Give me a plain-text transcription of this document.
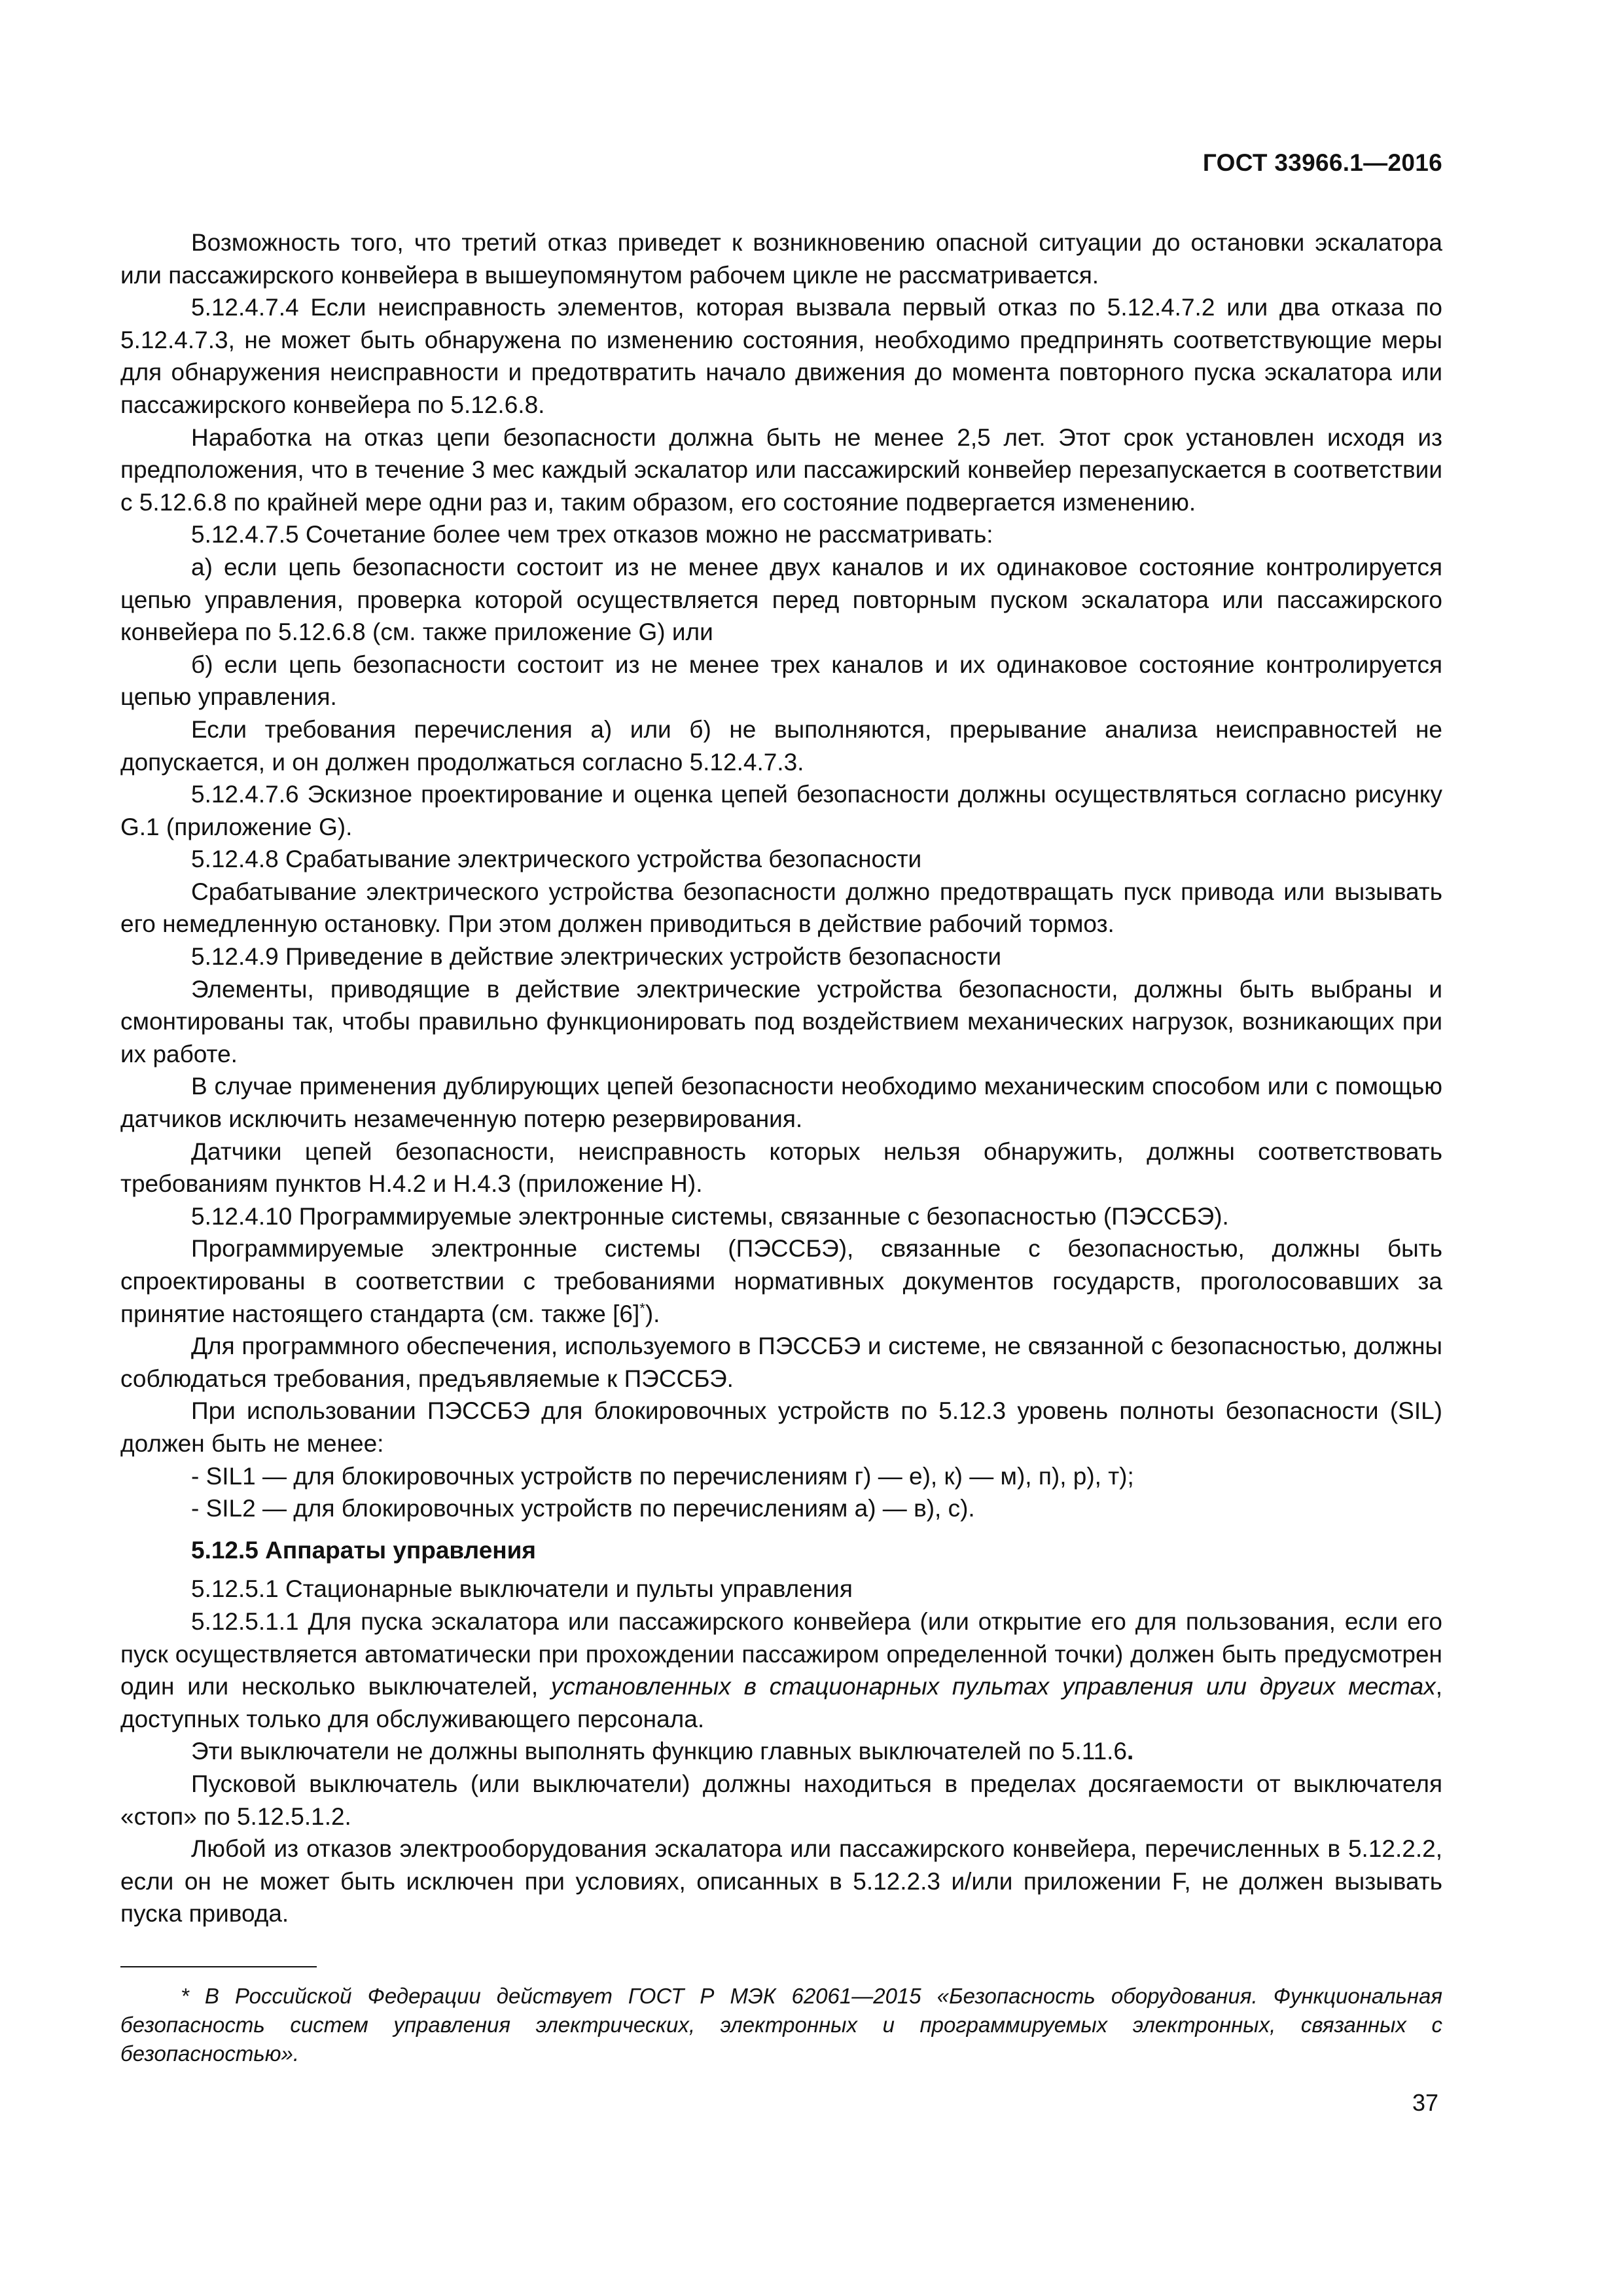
ГОСТ 33966.1—2016

Возможность того, что третий отказ приведет к возникновению опасной ситуации до остановки эскалатора или пассажирского конвейера в вышеупомянутом рабочем цикле не рассматривается.

5.12.4.7.4 Если неисправность элементов, которая вызвала первый отказ по 5.12.4.7.2 или два отказа по 5.12.4.7.3, не может быть обнаружена по изменению состояния, необходимо предпринять соответствующие меры для обнаружения неисправности и предотвратить начало движения до момента повторного пуска эскалатора или пассажирского конвейера по 5.12.6.8.

Наработка на отказ цепи безопасности должна быть не менее 2,5 лет. Этот срок установлен исходя из предположения, что в течение 3 мес каждый эскалатор или пассажирский конвейер перезапускается в соответствии с 5.12.6.8 по крайней мере одни раз и, таким образом, его состояние подвергается изменению.

5.12.4.7.5 Сочетание более чем трех отказов можно не рассматривать:

а) если цепь безопасности состоит из не менее двух каналов и их одинаковое состояние контролируется цепью управления, проверка которой осуществляется перед повторным пуском эскалатора или пассажирского конвейера по 5.12.6.8 (см. также приложение G) или

б) если цепь безопасности состоит из не менее трех каналов и их одинаковое состояние контролируется цепью управления.

Если требования перечисления а) или б) не выполняются, прерывание анализа неисправностей не допускается, и он должен продолжаться согласно 5.12.4.7.3.

5.12.4.7.6 Эскизное проектирование и оценка цепей безопасности должны осуществляться согласно рисунку G.1 (приложение G).

5.12.4.8 Срабатывание электрического устройства безопасности

Срабатывание электрического устройства безопасности должно предотвращать пуск привода или вызывать его немедленную остановку. При этом должен приводиться в действие рабочий тормоз.

5.12.4.9 Приведение в действие электрических устройств безопасности

Элементы, приводящие в действие электрические устройства безопасности, должны быть выбраны и смонтированы так, чтобы правильно функционировать под воздействием механических нагрузок, возникающих при их работе.

В случае применения дублирующих цепей безопасности необходимо механическим способом или с помощью датчиков исключить незамеченную потерю резервирования.

Датчики цепей безопасности, неисправность которых нельзя обнаружить, должны соответствовать требованиям пунктов Н.4.2 и Н.4.3 (приложение Н).

5.12.4.10 Программируемые электронные системы, связанные с безопасностью (ПЭССБЭ).

Программируемые электронные системы (ПЭССБЭ), связанные с безопасностью, должны быть спроектированы в соответствии с требованиями нормативных документов государств, проголосовавших за принятие настоящего стандарта (см. также [6]*).

Для программного обеспечения, используемого в ПЭССБЭ и системе, не связанной с безопасностью, должны соблюдаться требования, предъявляемые к ПЭССБЭ.

При использовании ПЭССБЭ для блокировочных устройств по 5.12.3 уровень полноты безопасности (SIL) должен быть не менее:

- SIL1 — для блокировочных устройств по перечислениям г) — е), к) — м), п), р), т);

- SIL2 — для блокировочных устройств по перечислениям а) — в), с).

5.12.5 Аппараты управления

5.12.5.1 Стационарные выключатели и пульты управления

5.12.5.1.1 Для пуска эскалатора или пассажирского конвейера (или открытие его для пользования, если его пуск осуществляется автоматически при прохождении пассажиром определенной точки) должен быть предусмотрен один или несколько выключателей, установленных в стационарных пультах управления или других местах, доступных только для обслуживающего персонала.

Эти выключатели не должны выполнять функцию главных выключателей по 5.11.6.

Пусковой выключатель (или выключатели) должны находиться в пределах досягаемости от выключателя «стоп» по 5.12.5.1.2.

Любой из отказов электрооборудования эскалатора или пассажирского конвейера, перечисленных в 5.12.2.2, если он не может быть исключен при условиях, описанных в 5.12.2.3 и/или приложении F, не должен вызывать пуска привода.

* В Российской Федерации действует ГОСТ Р МЭК 62061—2015 «Безопасность оборудования. Функциональная безопасность систем управления электрических, электронных и программируемых электронных, связанных с безопасностью».
37
